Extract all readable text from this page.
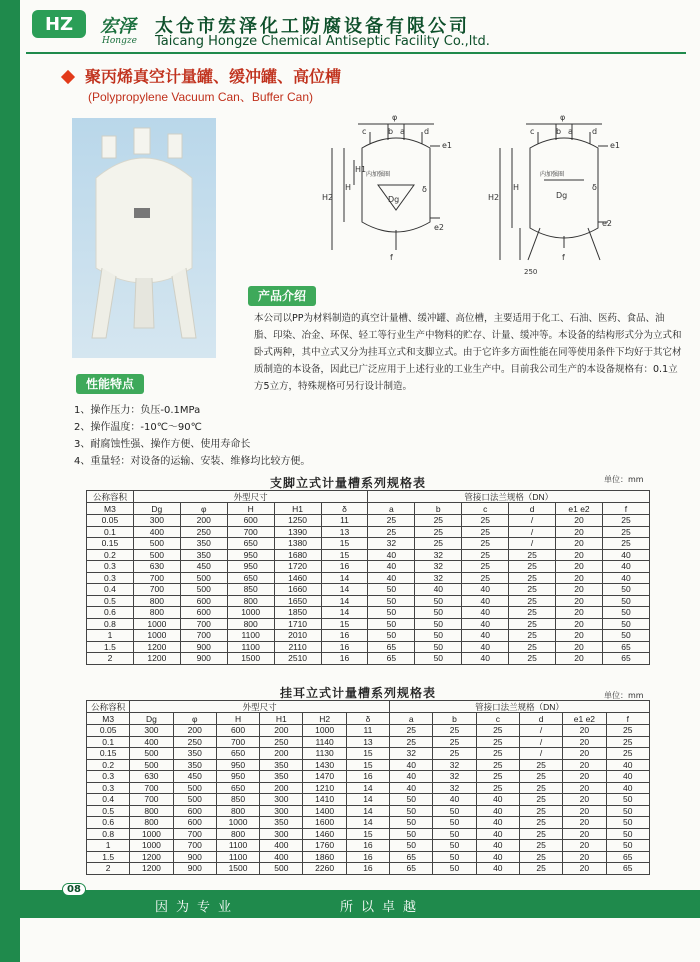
HZ	宏泽
Hongze
太仓市宏泽化工防腐设备有限公司
Taicang Hongze Chemical Antiseptic Facility Co.,ltd.
聚丙烯真空计量罐、缓冲罐、高位槽
(Polypropylene Vacuum Can、Buffer Can)
φ
b a
c	d
e1
H1
H
H2
内加强圈
Dg
δ
e2
f
φ
b a
c	d
e1
H
H2
内加强圈
Dg
δ
e2
f
250
产品介绍
本公司以PP为材料制造的真空计量槽、缓冲罐、高位槽，主要适用于化工、石油、医药、食品、油脂、印染、冶金、环保、轻工等行业生产中物料的贮存、计量、缓冲等。本设备的结构形式分为立式和卧式两种，其中立式又分为挂耳立式和支脚立式。由于它许多方面性能在同等使用条件下均好于其它材质制造的本设备，因此已广泛应用于上述行业的工业生产中。目前我公司生产的本设备规格有：0.1立方5立方，特殊规格可另行设计制造。
性能特点
1、操作压力：负压-0.1MPa
2、操作温度：-10℃～90℃
3、耐腐蚀性强、操作方便、使用寿命长
4、重量轻：对设备的运输、安装、维修均比较方便。
支脚立式计量槽系列规格表	单位：mm
公称容积	外型尺寸					管接口法兰规格（DN）					
M3	Dg	φ	H	H1	δ	a	b	c	d	e1 e2	f
0.05	300	200	600	1250	11	25	25	25	/	20	25
0.1	400	250	700	1390	13	25	25	25	/	20	25
0.15	500	350	650	1380	15	32	25	25	/	20	25
0.2	500	350	950	1680	15	40	32	25	25	20	40
0.3	630	450	950	1720	16	40	32	25	25	20	40
0.3	700	500	650	1460	14	40	32	25	25	20	40
0.4	700	500	850	1660	14	50	40	40	25	20	50
0.5	800	600	800	1650	14	50	50	40	25	20	50
0.6	800	600	1000	1850	14	50	50	40	25	20	50
0.8	1000	700	800	1710	15	50	50	40	25	20	50
1	1000	700	1100	2010	16	50	50	40	25	20	50
1.5	1200	900	1100	2110	16	65	50	40	25	20	65
2	1200	900	1500	2510	16	65	50	40	25	20	65
挂耳立式计量槽系列规格表	单位：mm
公称容积	外型尺寸						管接口法兰规格（DN）					
M3	Dg	φ	H	H1	H2	δ	a	b	c	d	e1 e2	f
0.05	300	200	600	200	1000	11	25	25	25	/	20	25
0.1	400	250	700	250	1140	13	25	25	25	/	20	25
0.15	500	350	650	200	1130	15	32	25	25	/	20	25
0.2	500	350	950	350	1430	15	40	32	25	25	20	40
0.3	630	450	950	350	1470	16	40	32	25	25	20	40
0.3	700	500	650	200	1210	14	40	32	25	25	20	40
0.4	700	500	850	300	1410	14	50	40	40	25	20	50
0.5	800	600	800	300	1400	14	50	50	40	25	20	50
0.6	800	600	1000	350	1600	14	50	50	40	25	20	50
0.8	1000	700	800	300	1460	15	50	50	40	25	20	50
1	1000	700	1100	400	1760	16	50	50	40	25	20	50
1.5	1200	900	1100	400	1860	16	65	50	40	25	20	65
2	1200	900	1500	500	2260	16	65	50	40	25	20	65
08
因为专业	所以卓越
